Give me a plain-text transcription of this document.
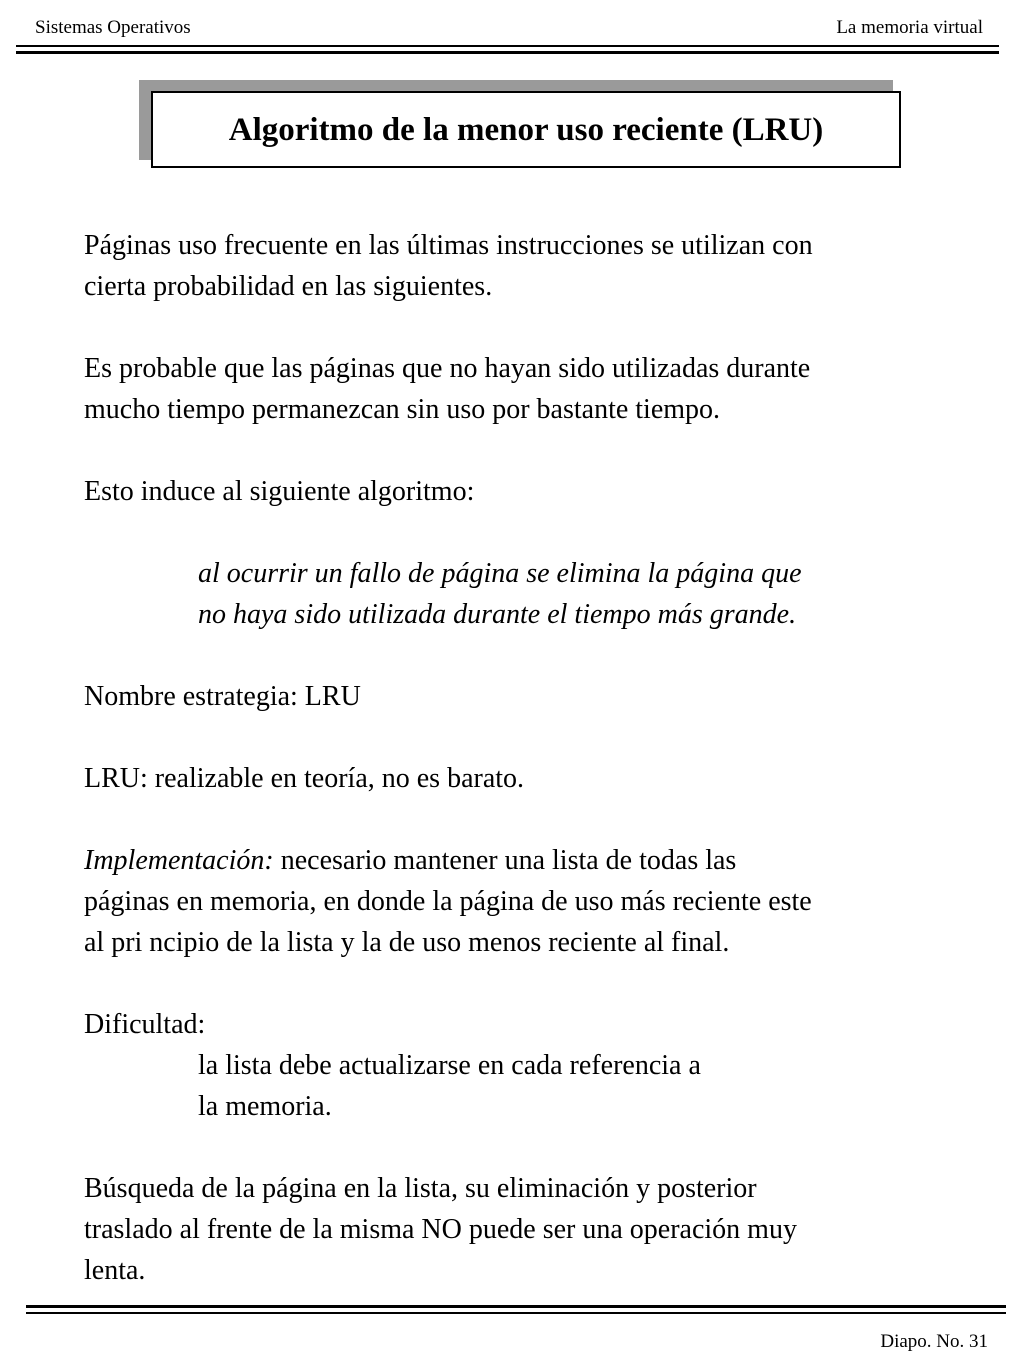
Sistemas Operativos	La memoria virtual
Algoritmo de la menor uso reciente (LRU)

Páginas uso frecuente en las últimas instrucciones se utilizan con
cierta probabilidad en las siguientes.

Es probable que las páginas que no hayan sido utilizadas durante
mucho tiempo permanezcan sin uso por bastante tiempo.

Esto induce al siguiente algoritmo:

al ocurrir un fallo de página se elimina la página que
no haya sido utilizada durante el tiempo más grande.

Nombre estrategia: LRU

LRU: realizable en teoría, no es barato.

Implementación: necesario mantener una lista de todas las
páginas en memoria, en donde la página de uso más reciente este
al pri ncipio de la lista y la de uso menos reciente al final.

Dificultad:

la lista debe actualizarse en cada referencia a
la memoria.

Búsqueda de la página en la lista, su eliminación y posterior
traslado al frente de la misma NO puede ser una operación muy
lenta.

Diapo. No. 31
